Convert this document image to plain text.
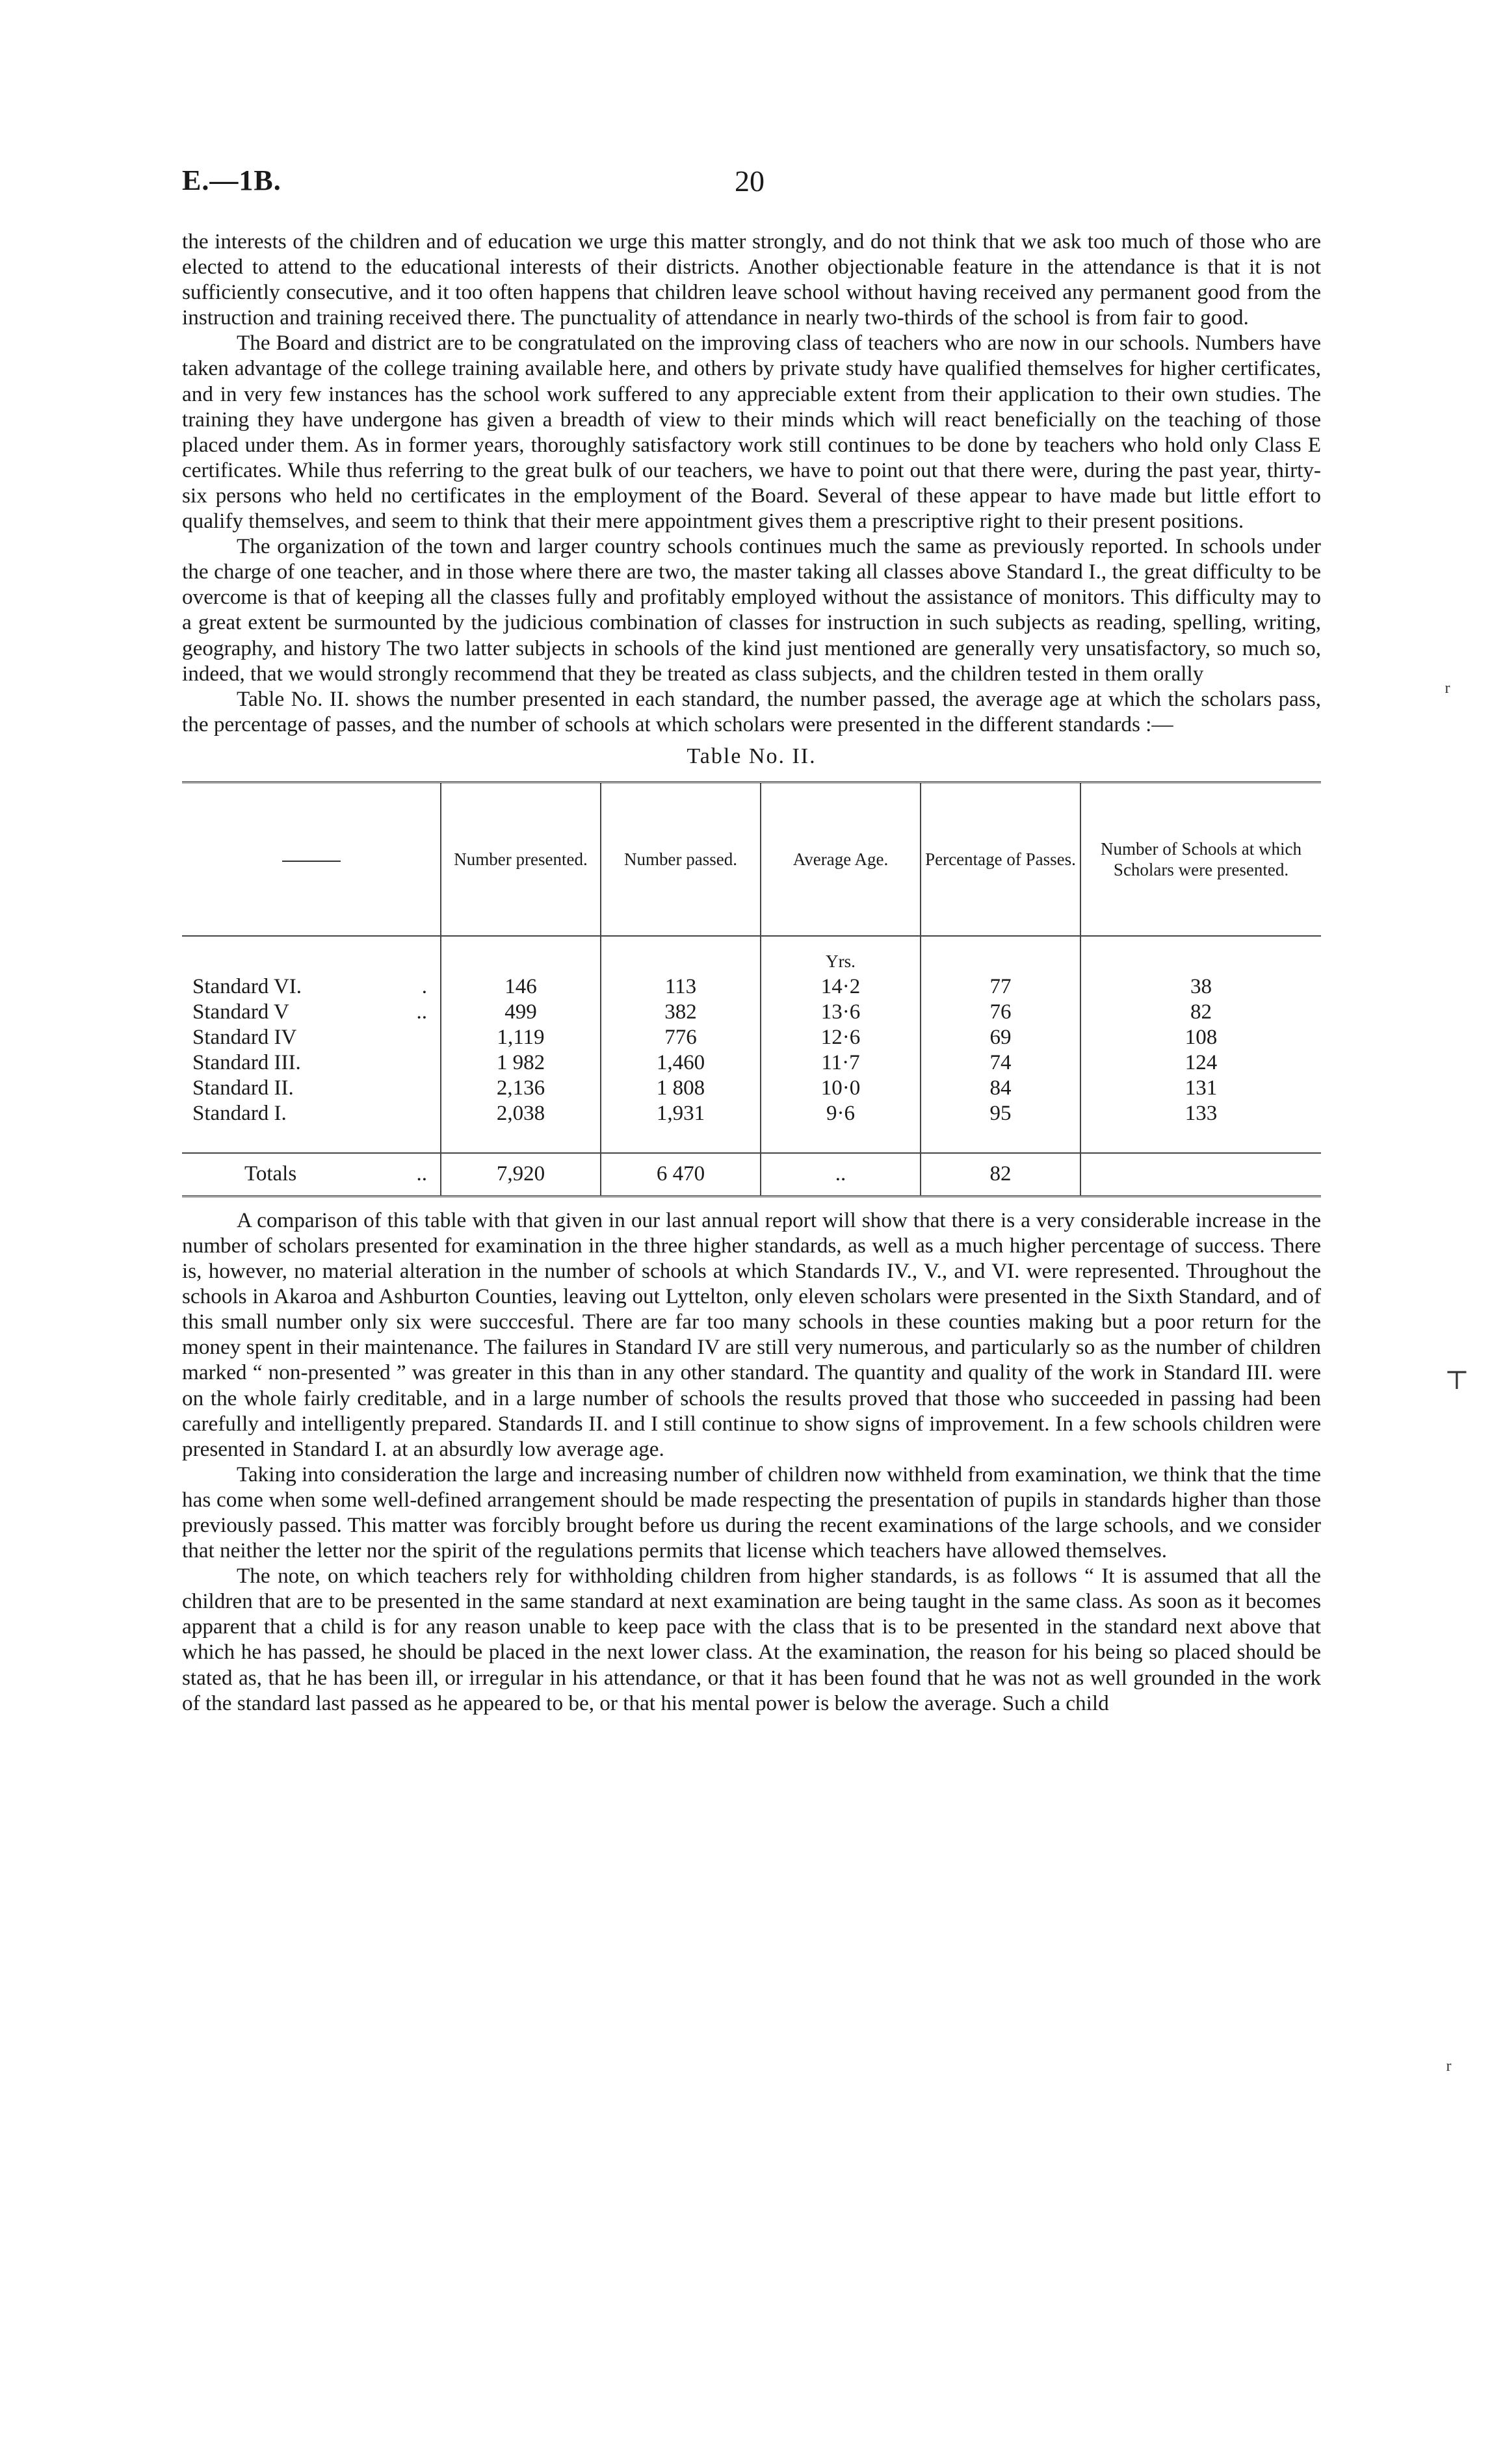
E.—1B.	20

the interests of the children and of education we urge this matter strongly, and do not think that we ask too much of those who are elected to attend to the educational interests of their districts. Another objectionable feature in the attendance is that it is not sufficiently consecutive, and it too often happens that children leave school without having received any permanent good from the instruction and training received there. The punctuality of attendance in nearly two-thirds of the school is from fair to good.

The Board and district are to be congratulated on the improving class of teachers who are now in our schools. Numbers have taken advantage of the college training available here, and others by private study have qualified themselves for higher certificates, and in very few instances has the school work suffered to any appreciable extent from their application to their own studies. The training they have undergone has given a breadth of view to their minds which will react beneficially on the teaching of those placed under them. As in former years, thoroughly satisfactory work still continues to be done by teachers who hold only Class E certificates. While thus referring to the great bulk of our teachers, we have to point out that there were, during the past year, thirty-six persons who held no certificates in the employment of the Board. Several of these appear to have made but little effort to qualify themselves, and seem to think that their mere appointment gives them a prescriptive right to their present positions.

The organization of the town and larger country schools continues much the same as previously reported. In schools under the charge of one teacher, and in those where there are two, the master taking all classes above Standard I., the great difficulty to be overcome is that of keeping all the classes fully and profitably employed without the assistance of monitors. This difficulty may to a great extent be surmounted by the judicious combination of classes for instruction in such subjects as reading, spelling, writing, geography, and history The two latter subjects in schools of the kind just mentioned are generally very unsatisfactory, so much so, indeed, that we would strongly recommend that they be treated as class subjects, and the children tested in them orally

Table No. II. shows the number presented in each standard, the number passed, the average age at which the scholars pass, the percentage of passes, and the number of schools at which scholars were presented in the different standards :—

Table No. II.
	Number presented.	Number passed.	Average Age.	Percentage of Passes.	Number of Schools at which Scholars were presented.
			Yrs.		
Standard VI. .	146	113	14·2	77	38
Standard V ..	499	382	13·6	76	82
Standard IV	1,119	776	12·6	69	108
Standard III.	1 982	1,460	11·7	74	124
Standard II.	2,136	1 808	10·0	84	131
Standard I.	2,038	1,931	9·6	95	133

Totals ..	7,920	6 470	..	82	

A comparison of this table with that given in our last annual report will show that there is a very considerable increase in the number of scholars presented for examination in the three higher standards, as well as a much higher percentage of success. There is, however, no material alteration in the number of schools at which Standards IV., V., and VI. were represented. Throughout the schools in Akaroa and Ashburton Counties, leaving out Lyttelton, only eleven scholars were presented in the Sixth Standard, and of this small number only six were succcesful. There are far too many schools in these counties making but a poor return for the money spent in their maintenance. The failures in Standard IV are still very numerous, and particularly so as the number of children marked “ non-presented ” was greater in this than in any other standard. The quantity and quality of the work in Standard III. were on the whole fairly creditable, and in a large number of schools the results proved that those who succeeded in passing had been carefully and intelligently prepared. Standards II. and I still continue to show signs of improvement. In a few schools children were presented in Standard I. at an absurdly low average age.

Taking into consideration the large and increasing number of children now withheld from examination, we think that the time has come when some well-defined arrangement should be made respecting the presentation of pupils in standards higher than those previously passed. This matter was forcibly brought before us during the recent examinations of the large schools, and we consider that neither the letter nor the spirit of the regulations permits that license which teachers have allowed themselves.

The note, on which teachers rely for withholding children from higher standards, is as follows “ It is assumed that all the children that are to be presented in the same standard at next examination are being taught in the same class. As soon as it becomes apparent that a child is for any reason unable to keep pace with the class that is to be presented in the standard next above that which he has passed, he should be placed in the next lower class. At the examination, the reason for his being so placed should be stated as, that he has been ill, or irregular in his attendance, or that it has been found that he was not as well grounded in the work of the standard last passed as he appeared to be, or that his mental power is below the average. Such a child

ʳ
⊤
ʳ
